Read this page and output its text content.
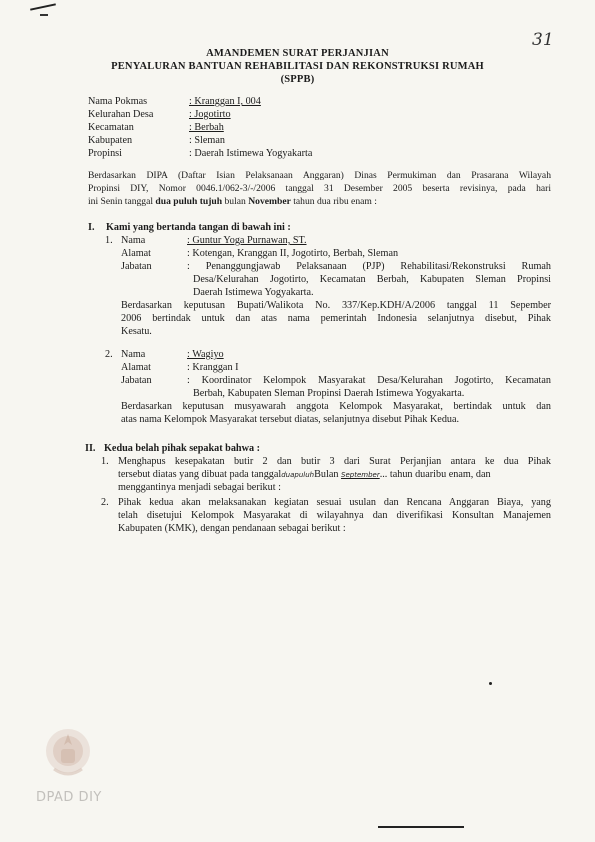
31
AMANDEMEN SURAT PERJANJIAN
PENYALURAN BANTUAN REHABILITASI DAN REKONSTRUKSI RUMAH
(SPPB)
Nama Pokmas	: Kranggan I, 004
Kelurahan Desa	: Jogotirto
Kecamatan	: Berbah
Kabupaten	: Sleman
Propinsi	: Daerah Istimewa Yogyakarta
Berdasarkan DIPA (Daftar Isian Pelaksanaan Anggaran) Dinas Permukiman dan Prasarana Wilayah
Propinsi DIY, Nomor 0046.1/062-3/-/2006 tanggal 31 Desember 2005 beserta revisinya, pada hari
ini Senin tanggal dua puluh tujuh bulan November tahun dua ribu enam :
I. Kami yang bertanda tangan di bawah ini :
1. Nama	: Guntur Yoga Purnawan, ST.
Alamat	: Kotengan, Kranggan II, Jogotirto, Berbah, Sleman
Jabatan	: Penanggungjawab Pelaksanaan (PJP) Rehabilitasi/Rekonstruksi Rumah
Desa/Kelurahan Jogotirto, Kecamatan Berbah, Kabupaten Sleman Propinsi
Daerah Istimewa Yogyakarta.
Berdasarkan keputusan Bupati/Walikota No. 337/Kep.KDH/A/2006 tanggal 11 Sepember
2006 bertindak untuk dan atas nama pemerintah Indonesia selanjutnya disebut, Pihak
Kesatu.
2. Nama	: Wagiyo
Alamat	: Kranggan I
Jabatan	: Koordinator Kelompok Masyarakat Desa/Kelurahan Jogotirto, Kecamatan
Berbah, Kabupaten Sleman Propinsi Daerah Istimewa Yogyakarta.
Berdasarkan keputusan musyawarah anggota Kelompok Masyarakat, bertindak untuk dan
atas nama Kelompok Masyarakat tersebut diatas, selanjutnya disebut Pihak Kedua.
II. Kedua belah pihak sepakat bahwa :
1. Menghapus kesepakatan butir 2 dan butir 3 dari Surat Perjanjian antara ke dua Pihak
tersebut diatas yang dibuat pada tanggalduapuluhBulan September... tahun duaribu enam, dan
menggantinya menjadi sebagai berikut :
2. Pihak kedua akan melaksanakan kegiatan sesuai usulan dan Rencana Anggaran Biaya, yang
telah disetujui Kelompok Masyarakat di wilayahnya dan diverifikasi Konsultan Manajemen
Kabupaten (KMK), dengan pendanaan sebagai berikut :
DPAD DIY
